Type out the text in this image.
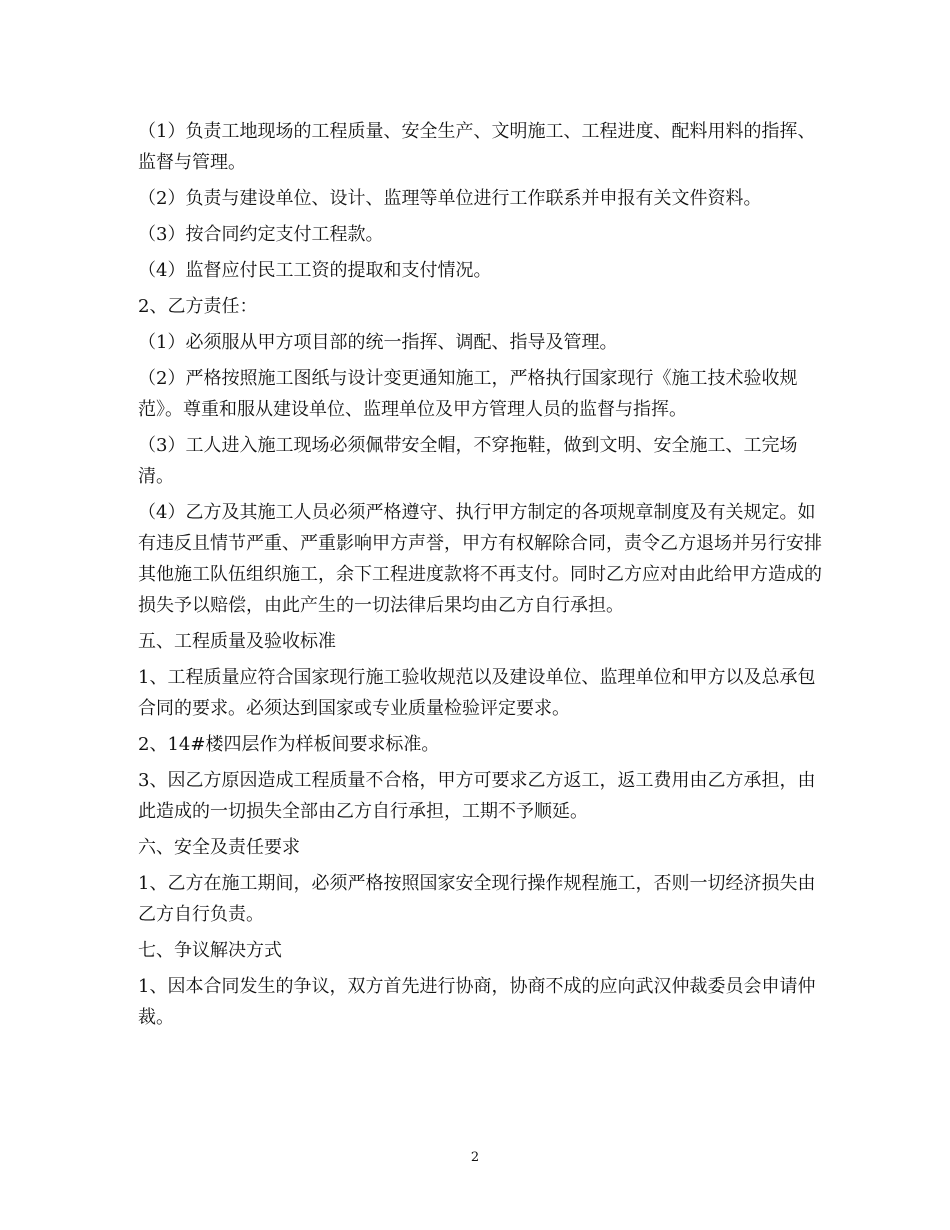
（1）负责工地现场的工程质量、安全生产、文明施工、工程进度、配料用料的指挥、监督与管理。

（2）负责与建设单位、设计、监理等单位进行工作联系并申报有关文件资料。

（3）按合同约定支付工程款。

（4）监督应付民工工资的提取和支付情况。

2、乙方责任：

（1）必须服从甲方项目部的统一指挥、调配、指导及管理。

（2）严格按照施工图纸与设计变更通知施工，严格执行国家现行《施工技术验收规范》。尊重和服从建设单位、监理单位及甲方管理人员的监督与指挥。

（3）工人进入施工现场必须佩带安全帽，不穿拖鞋，做到文明、安全施工、工完场清。

（4）乙方及其施工人员必须严格遵守、执行甲方制定的各项规章制度及有关规定。如有违反且情节严重、严重影响甲方声誉，甲方有权解除合同，责令乙方退场并另行安排其他施工队伍组织施工，余下工程进度款将不再支付。同时乙方应对由此给甲方造成的损失予以赔偿，由此产生的一切法律后果均由乙方自行承担。

五、工程质量及验收标准

1、工程质量应符合国家现行施工验收规范以及建设单位、监理单位和甲方以及总承包合同的要求。必须达到国家或专业质量检验评定要求。

2、14#楼四层作为样板间要求标准。

3、因乙方原因造成工程质量不合格，甲方可要求乙方返工，返工费用由乙方承担，由此造成的一切损失全部由乙方自行承担，工期不予顺延。

六、安全及责任要求

1、乙方在施工期间，必须严格按照国家安全现行操作规程施工，否则一切经济损失由乙方自行负责。

七、争议解决方式

1、因本合同发生的争议，双方首先进行协商，协商不成的应向武汉仲裁委员会申请仲裁。

2
